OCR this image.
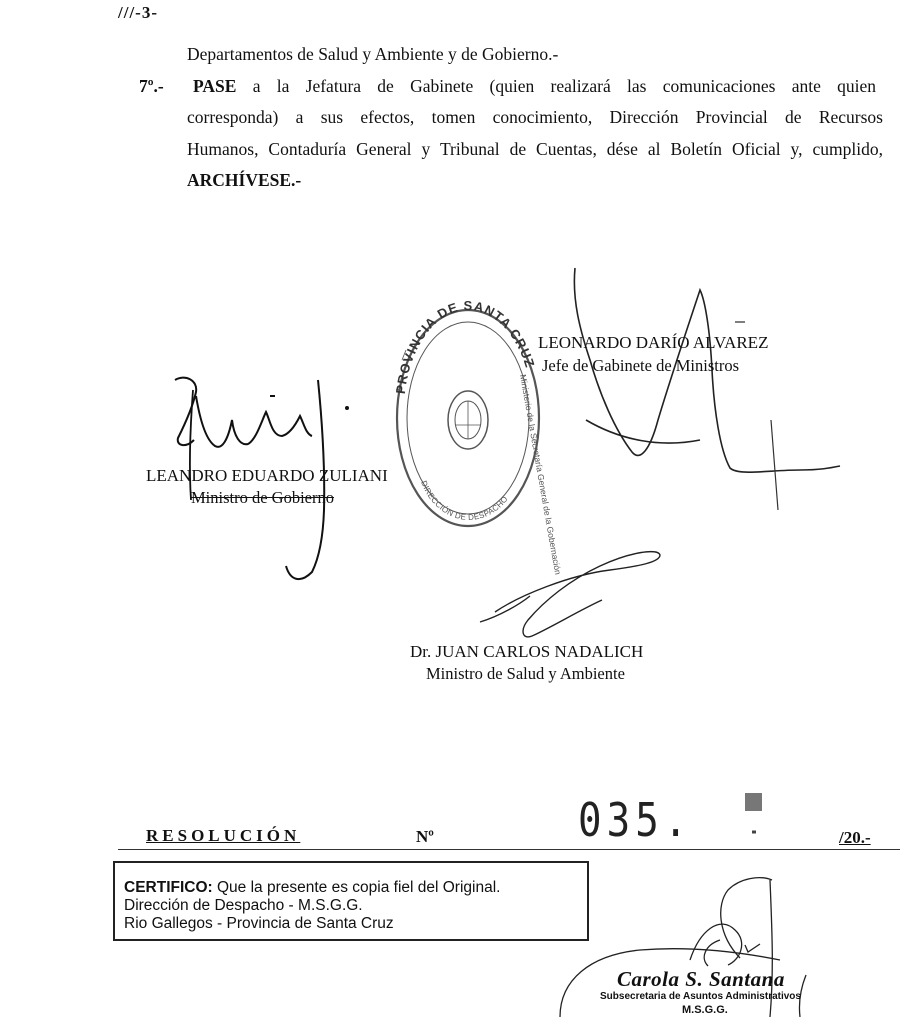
///-3-
Departamentos de Salud y Ambiente y de Gobierno.-
7º.- PASE a la Jefatura de Gabinete (quien realizará las comunicaciones ante quien
corresponda) a sus efectos, tomen conocimiento, Dirección Provincial de Recursos
Humanos, Contaduría General y Tribunal de Cuentas, dése al Boletín Oficial y, cumplido,
ARCHÍVESE.-
PROVINCIA DE SANTA CRUZ
DIRECCIÓN DE DESPACHO Ministerio de la Secretaría General de la Gobernación
LEONARDO DARÍO ALVAREZ
Jefe de Gabinete de Ministros
LEANDRO EDUARDO ZULIANI
Ministro de Gobierno
Dr. JUAN CARLOS NADALICH
Ministro de Salud y Ambiente
RESOLUCIÓN	Nº	035.	/20.-
CERTIFICO: Que la presente es copia fiel del Original.
Dirección de Despacho - M.S.G.G.
Rio Gallegos - Provincia de Santa Cruz
Carola S. Santana
Subsecretaria de Asuntos Administrativos
M.S.G.G.
